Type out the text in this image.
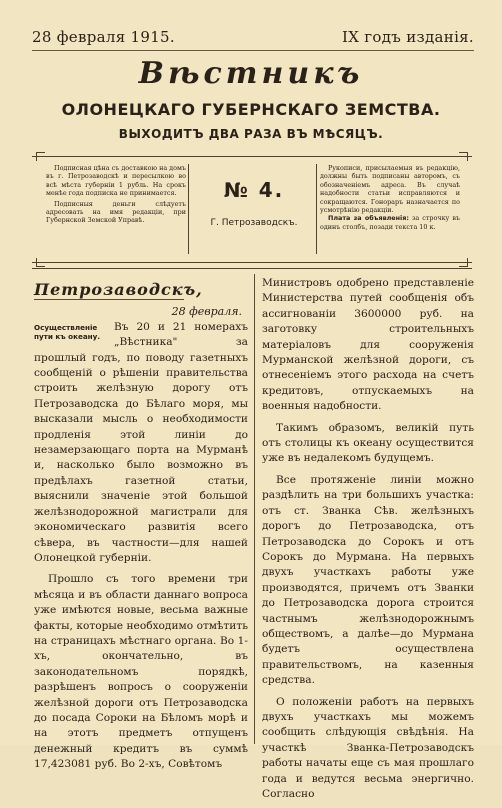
28 февраля 1915.	IX годъ изданія.
Вѣстникъ
ОЛОНЕЦКАГО ГУБЕРНСКАГО ЗЕМСТВА.
ВЫХОДИТЪ ДВА РАЗА ВЪ МѢСЯЦЪ.

Подписная цѣна съ доставкою на домъ въ г. Петрозаводскѣ и пересылкою во всѣ мѣста губерніи 1 рубль. На срокъ менѣе года подписка не принимается.

Подписныя деньги слѣдуетъ адресовать на имя редакціи, при Губернской Земской Управѣ.

№ 4.
Г. Петрозаводскъ.

Рукописи, присылаемыя въ редакцію, должны быть подписаны авторомъ, съ обозначеніемъ адреса. Въ случаѣ надобности статьи исправляются и сокращаются. Гонораръ назначается по усмотрѣнію редакціи.

Плата за объявленія: за строчку въ одинъ столбъ, позади текста 10 к.

Петрозаводскъ,
28 февраля.
Осуществленіе пути къ океану.

Въ 20 и 21 номерахъ „Вѣстника" за прошлый годъ, по поводу газетныхъ сообщеній о рѣшеніи правительства строить желѣзную дорогу отъ Петрозаводска до Бѣлаго моря, мы высказали мысль о необходимости продленія этой линіи до незамерзающаго порта на Мурманѣ и, насколько было возможно въ предѣлахъ газетной статьи, выяснили значеніе этой большой желѣзнодорожной магистрали для экономическаго развитія всего сѣвера, въ частности—для нашей Олонецкой губерніи.

Прошло съ того времени три мѣсяца и въ области даннаго вопроса уже имѣются новые, весьма важные факты, которые необходимо отмѣтить на страницахъ мѣстнаго органа. Во 1-хъ, окончательно, въ законодательномъ порядкѣ, разрѣшенъ вопросъ о сооруженіи желѣзной дороги отъ Петрозаводска до посада Сороки на Бѣломъ морѣ и на этотъ предметъ отпущенъ денежный кредитъ въ суммѣ 17,423081 руб. Во 2-хъ, Совѣтомъ

Министровъ одобрено представленіе Министерства путей сообщенія объ ассигнованіи 3600000 руб. на заготовку строительныхъ матеріаловъ для сооруженія Мурманской желѣзной дороги, съ отнесеніемъ этого расхода на счетъ кредитовъ, отпускаемыхъ на военныя надобности.

Такимъ образомъ, великій путь отъ столицы къ океану осуществится уже въ недалекомъ будущемъ.

Все протяженіе линіи можно раздѣлить на три большихъ участка: отъ ст. Званка Сѣв. желѣзныхъ дорогъ до Петрозаводска, отъ Петрозаводска до Сорокъ и отъ Сорокъ до Мурмана. На первыхъ двухъ участкахъ работы уже производятся, причемъ отъ Званки до Петрозаводска дорога строится частнымъ желѣзнодорожнымъ обществомъ, а далѣе—до Мурмана будетъ осуществлена правительствомъ, на казенныя средства.

О положеніи работъ на первыхъ двухъ участкахъ мы можемъ сообщить слѣдующія свѣдѣнія. На участкѣ Званка-Петрозаводскъ работы начаты еще съ мая прошлаго года и ведутся весьма энергично. Согласно
